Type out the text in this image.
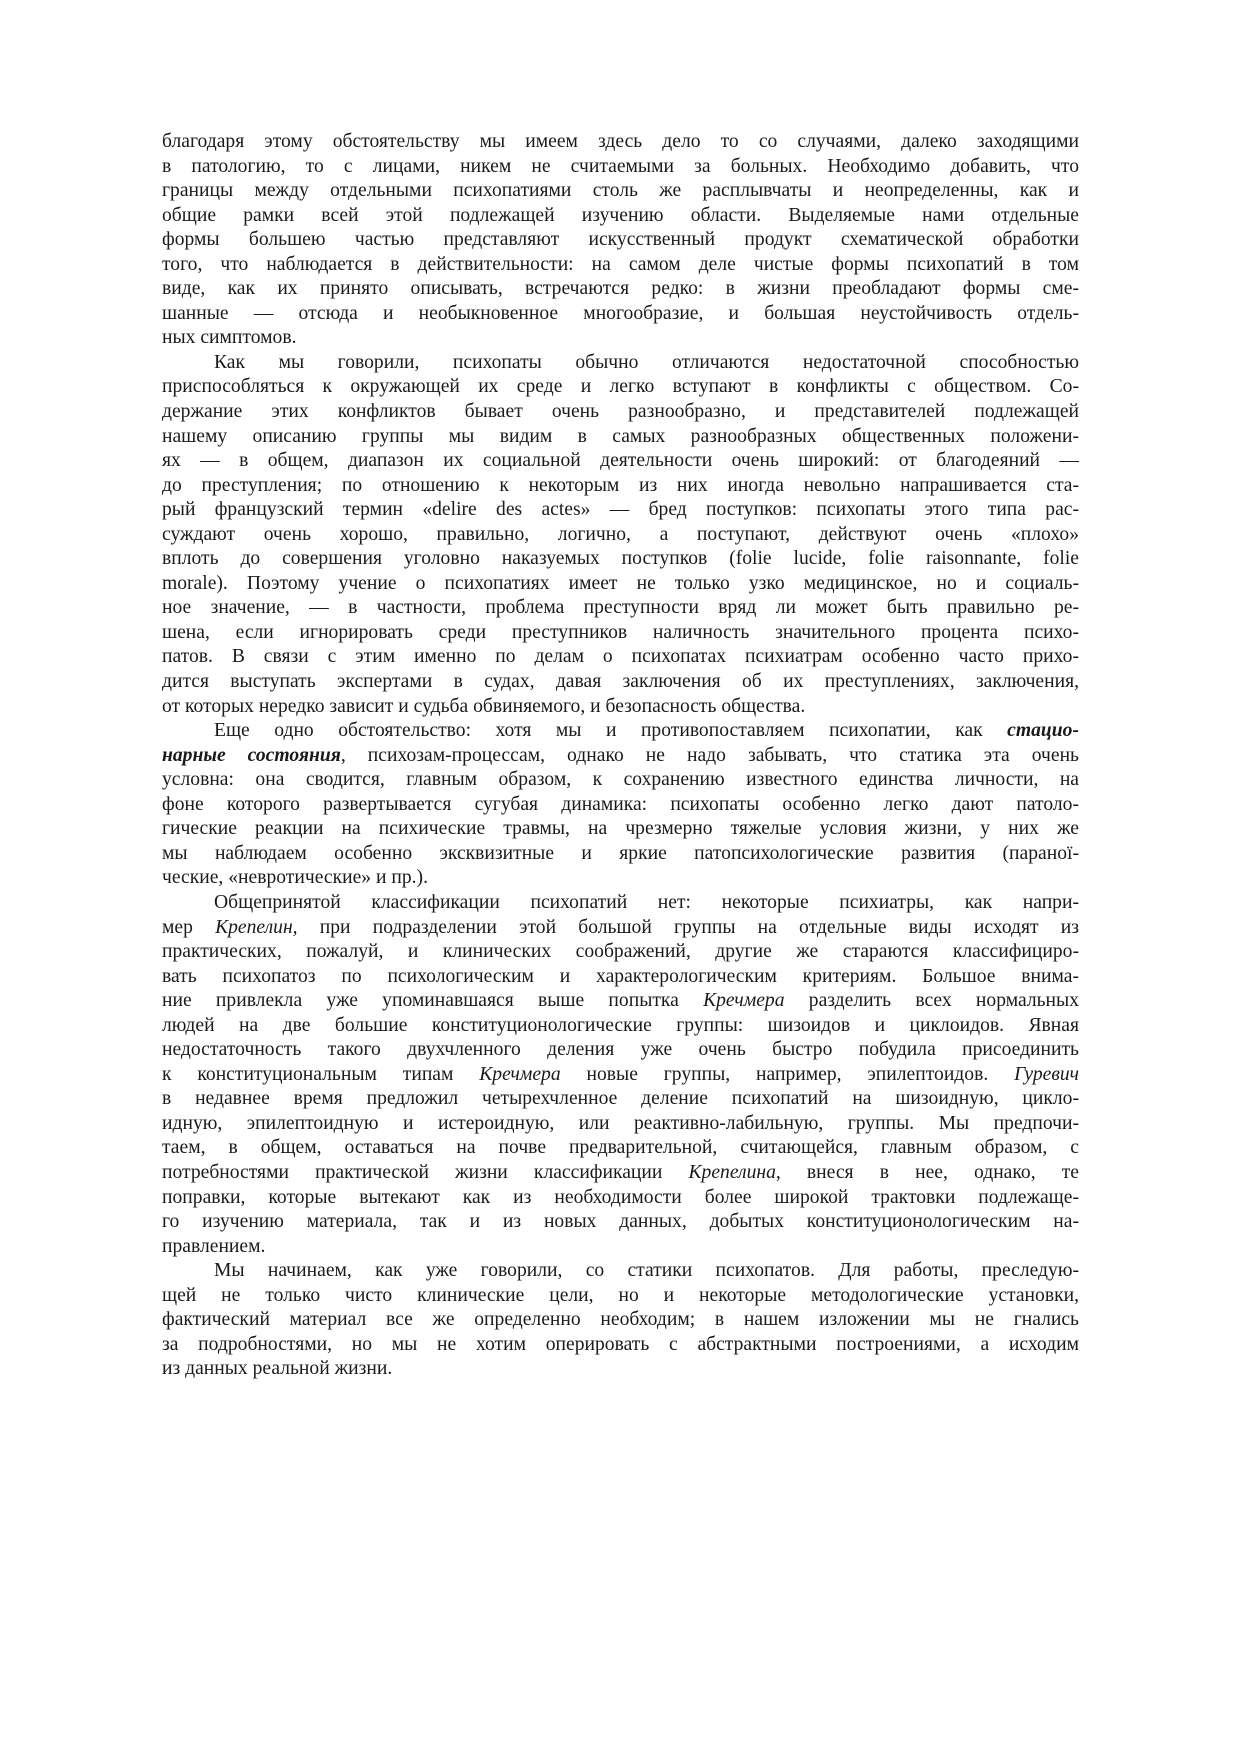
благодаря этому обстоятельству мы имеем здесь дело то со случаями, далеко заходящими
в патологию, то с лицами, никем не считаемыми за больных. Необходимо добавить, что
границы между отдельными психопатиями столь же расплывчаты и неопределенны, как и
общие рамки всей этой подлежащей изучению области. Выделяемые нами отдельные
формы большею частью представляют искусственный продукт схематической обработки
того, что наблюдается в действительности: на самом деле чистые формы психопатий в том
виде, как их принято описывать, встречаются редко: в жизни преобладают формы сме-
шанные — отсюда и необыкновенное многообразие, и большая неустойчивость отдель-
ных симптомов.
Как мы говорили, психопаты обычно отличаются недостаточной способностью
приспособляться к окружающей их среде и легко вступают в конфликты с обществом. Со-
держание этих конфликтов бывает очень разнообразно, и представителей подлежащей
нашему описанию группы мы видим в самых разнообразных общественных положени-
ях — в общем, диапазон их социальной деятельности очень широкий: от благодеяний —
до преступления; по отношению к некоторым из них иногда невольно напрашивается ста-
рый французский термин «delire des actes» — бред поступков: психопаты этого типа рас-
суждают очень хорошо, правильно, логично, а поступают, действуют очень «плохо»
вплоть до совершения уголовно наказуемых поступков (folie lucide, folie raisonnante, folie
morale). Поэтому учение о психопатиях имеет не только узко медицинское, но и социаль-
ное значение, — в частности, проблема преступности вряд ли может быть правильно ре-
шена, если игнорировать среди преступников наличность значительного процента психо-
патов. В связи с этим именно по делам о психопатах психиатрам особенно часто прихо-
дится выступать экспертами в судах, давая заключения об их преступлениях, заключения,
от которых нередко зависит и судьба обвиняемого, и безопасность общества.
Еще одно обстоятельство: хотя мы и противопоставляем психопатии, как стацио-
нарные состояния, психозам-процессам, однако не надо забывать, что статика эта очень
условна: она сводится, главным образом, к сохранению известного единства личности, на
фоне которого развертывается сугубая динамика: психопаты особенно легко дают патоло-
гические реакции на психические травмы, на чрезмерно тяжелые условия жизни, у них же
мы наблюдаем особенно эксквизитные и яркие патопсихологические развития (параної-
ческие, «невротические» и пр.).
Общепринятой классификации психопатий нет: некоторые психиатры, как напри-
мер Крепелин, при подразделении этой большой группы на отдельные виды исходят из
практических, пожалуй, и клинических соображений, другие же стараются классифициро-
вать психопатоз по психологическим и характерологическим критериям. Большое внима-
ние привлекла уже упоминавшаяся выше попытка Кречмера разделить всех нормальных
людей на две большие конституционологические группы: шизоидов и циклоидов. Явная
недостаточность такого двухчленного деления уже очень быстро побудила присоединить
к конституциональным типам Кречмера новые группы, например, эпилептоидов. Гуревич
в недавнее время предложил четырехчленное деление психопатий на шизоидную, цикло-
идную, эпилептоидную и истероидную, или реактивно-лабильную, группы. Мы предпочи-
таем, в общем, оставаться на почве предварительной, считающейся, главным образом, с
потребностями практической жизни классификации Крепелина, внеся в нее, однако, те
поправки, которые вытекают как из необходимости более широкой трактовки подлежаще-
го изучению материала, так и из новых данных, добытых конституционологическим на-
правлением.
Мы начинаем, как уже говорили, со статики психопатов. Для работы, преследую-
щей не только чисто клинические цели, но и некоторые методологические установки,
фактический материал все же определенно необходим; в нашем изложении мы не гнались
за подробностями, но мы не хотим оперировать с абстрактными построениями, а исходим
из данных реальной жизни.
